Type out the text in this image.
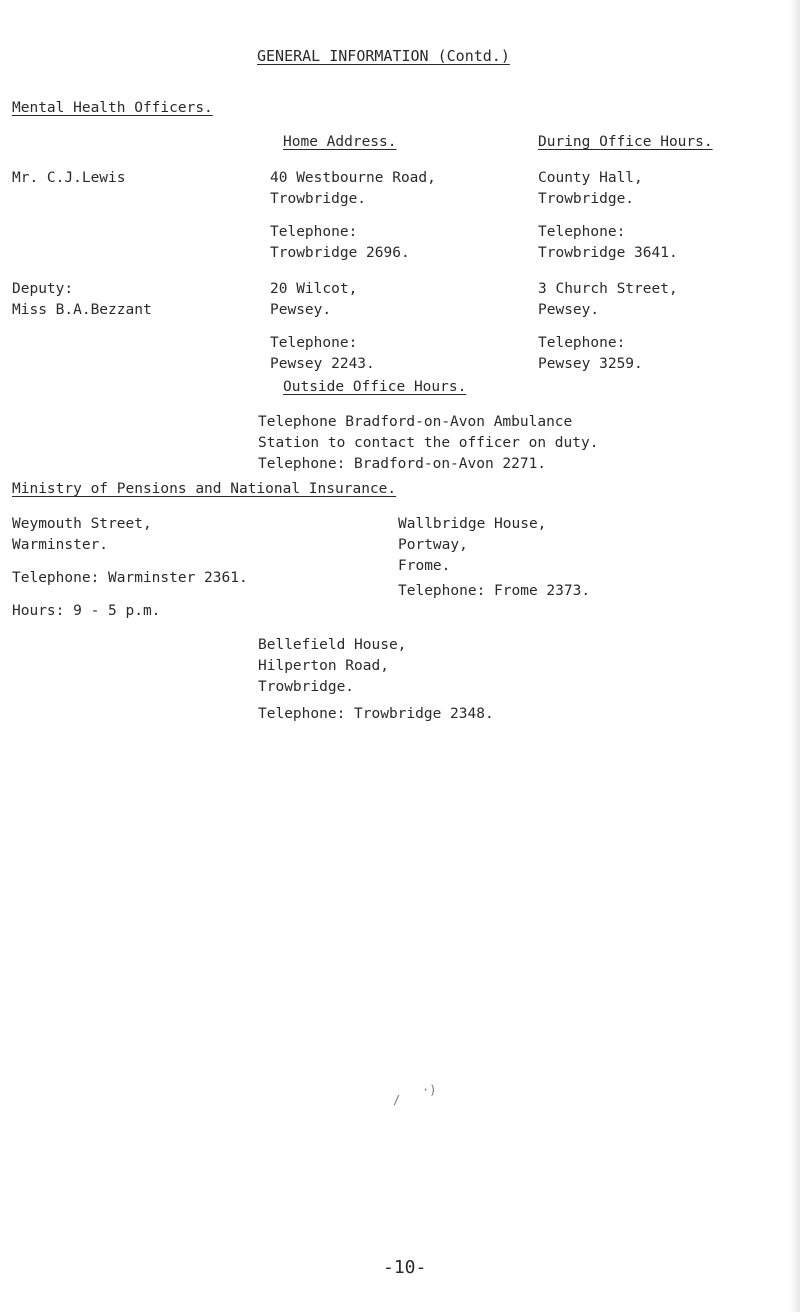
GENERAL INFORMATION (Contd.)
Mental Health Officers.
Home Address.	During Office Hours.
Mr. C.J.Lewis	40 Westbourne Road,
Trowbridge.
Telephone:
Trowbridge 2696.
County Hall,
Trowbridge.
Telephone:
Trowbridge 3641.
Deputy:
Miss B.A.Bezzant
20 Wilcot,
Pewsey.
Telephone:
Pewsey 2243.
3 Church Street,
Pewsey.
Telephone:
Pewsey 3259.
Outside Office Hours.
Telephone Bradford-on-Avon Ambulance
Station to contact the officer on duty.
Telephone: Bradford-on-Avon 2271.
Ministry of Pensions and National Insurance.
Weymouth Street,
Warminster.
Telephone: Warminster 2361.
Hours: 9 - 5 p.m.
Wallbridge House,
Portway,
Frome.
Telephone: Frome 2373.
Bellefield House,
Hilperton Road,
Trowbridge.
Telephone: Trowbridge 2348.
/
·)
-10-
